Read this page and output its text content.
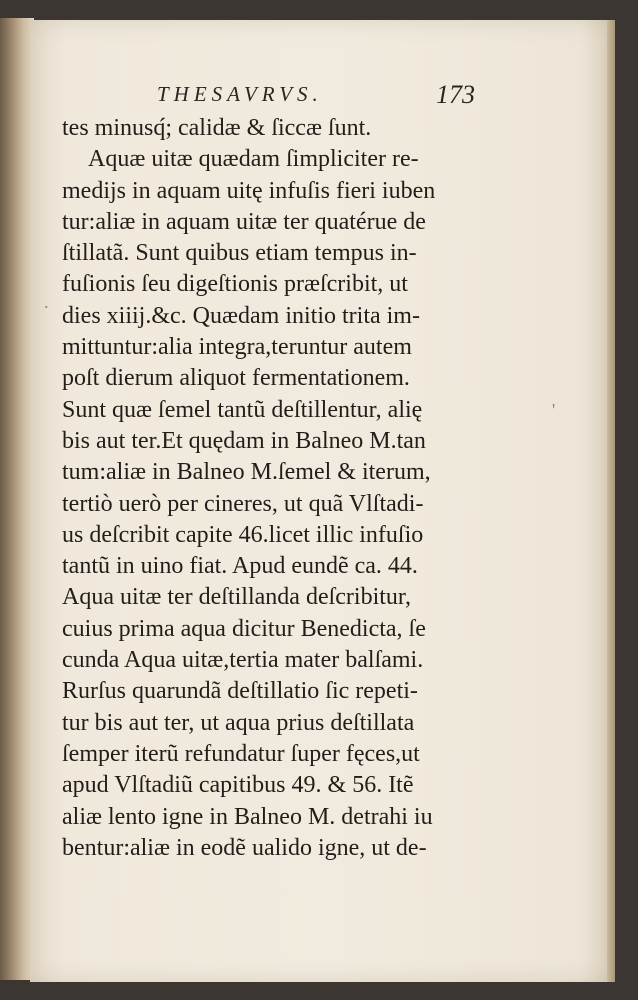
THESAVRVS.	173
tes minusq́; calidæ & ſiccæ ſunt.
Aquæ uitæ quædam ſimpliciter re-
medijs in aquam uitę infuſis fieri iuben
tur:aliæ in aquam uitæ ter quatérue de
ſtillatã. Sunt quibus etiam tempus in-
fuſionis ſeu digeſtionis præſcribit, ut
dies xiiij.&c. Quædam initio trita im-
mittuntur:alia integra,teruntur autem
poſt dierum aliquot fermentationem.
Sunt quæ ſemel tantũ deſtillentur, alię
bis aut ter.Et quędam in Balneo M.tan
tum:aliæ in Balneo M.ſemel & iterum,
tertiò uerò per cineres, ut quã Vlſtadi-
us deſcribit capite 46.licet illic infuſio
tantũ in uino fiat. Apud eundẽ ca. 44.
Aqua uitæ ter deſtillanda deſcribitur,
cuius prima aqua dicitur Benedicta, ſe
cunda Aqua uitæ,tertia mater balſami.
Rurſus quarundã deſtillatio ſic repeti-
tur bis aut ter, ut aqua prius deſtillata
ſemper iterũ refundatur ſuper fęces,ut
apud Vlſtadiũ capitibus 49. & 56. Itẽ
aliæ lento igne in Balneo M. detrahi iu
bentur:aliæ in eodẽ ualido igne, ut de-
.
'
